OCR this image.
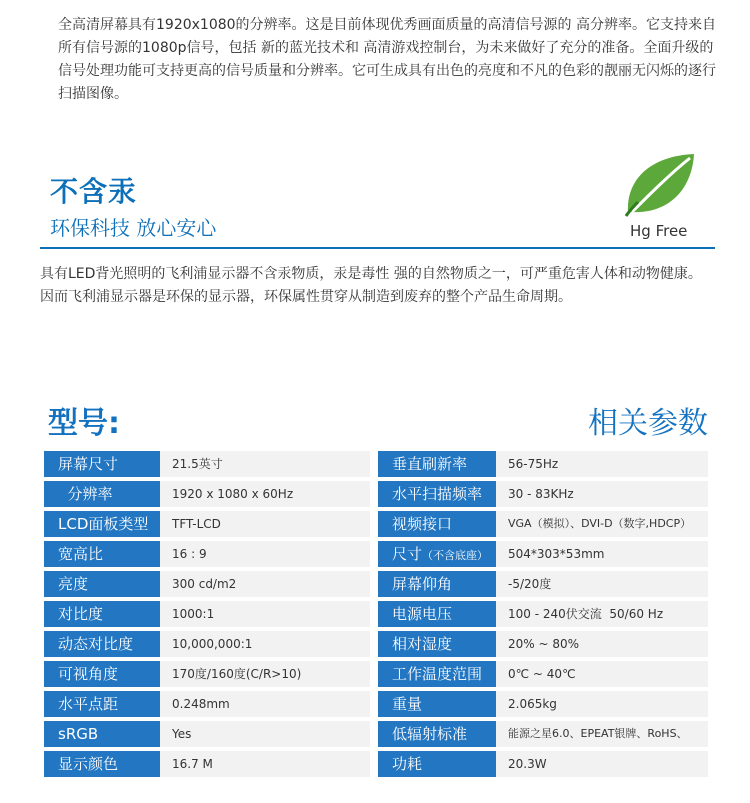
全高清屏幕具有1920x1080的分辨率。这是目前体现优秀画面质量的高清信号源的 高分辨率。它支持来自所有信号源的1080p信号，包括 新的蓝光技术和 高清游戏控制台，为未来做好了充分的准备。全面升级的信号处理功能可支持更高的信号质量和分辨率。它可生成具有出色的亮度和不凡的色彩的靓丽无闪烁的逐行扫描图像。
不含汞
环保科技 放心安心	Hg Free
具有LED背光照明的飞利浦显示器不含汞物质，汞是毒性 强的自然物质之一，可严重危害人体和动物健康。因而飞利浦显示器是环保的显示器，环保属性贯穿从制造到废弃的整个产品生命周期。
型号:	相关参数
屏幕尺寸	21.5英寸	垂直刷新率	56-75Hz
分辨率	1920 x 1080 x 60Hz	水平扫描频率	30 - 83KHz
LCD面板类型	TFT-LCD	视频接口	VGA（模拟）、DVI-D（数字,HDCP）
宽高比	16 : 9	尺寸（不含底座）	504*303*53mm
亮度	300 cd/m2	屏幕仰角	-5/20度
对比度	1000:1	电源电压	100 - 240伏交流  50/60 Hz
动态对比度	10,000,000:1	相对湿度	20% ~ 80%
可视角度	170度/160度(C/R>10)	工作温度范围	0℃ ~ 40℃
水平点距	0.248mm	重量	2.065kg
sRGB	Yes	低辐射标准	能源之星6.0、EPEAT银牌、RoHS、
显示颜色	16.7 M	功耗	20.3W
